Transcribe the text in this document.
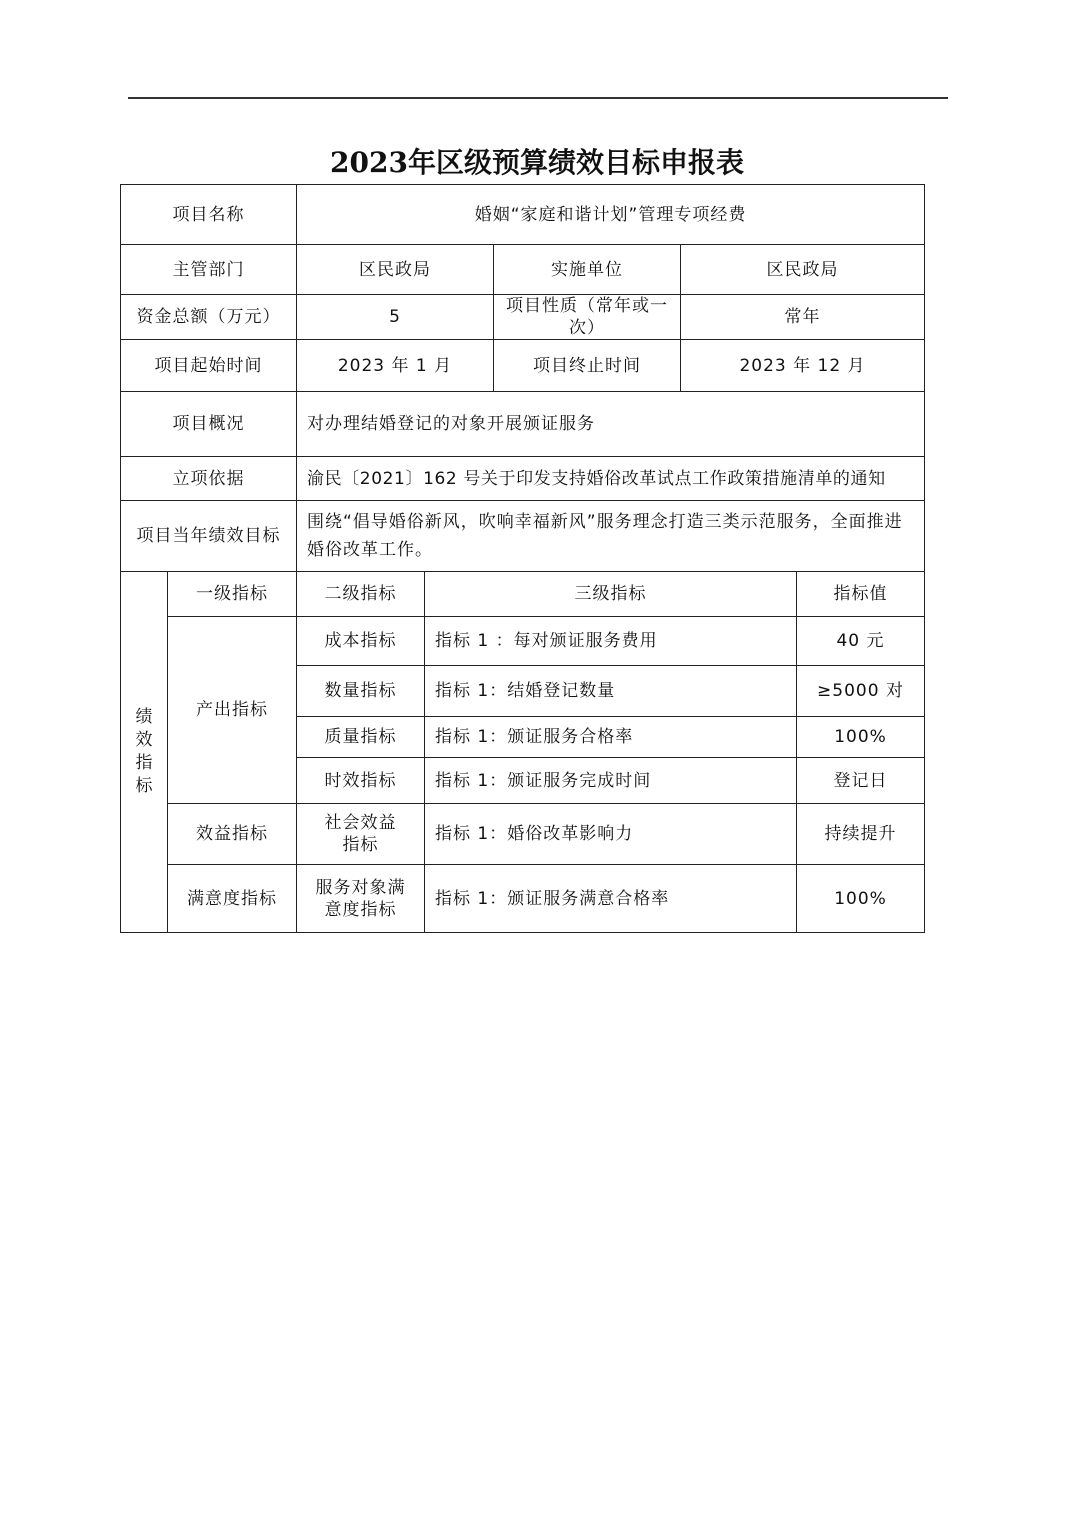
2023年区级预算绩效目标申报表
项目名称		婚姻“家庭和谐计划”管理专项经费				
主管部门		区民政局		实施单位	区民政局	
资金总额（万元）		5		项目性质（常年或一次）	常年	
项目起始时间		2023 年 1 月		项目终止时间	2023 年 12 月	
项目概况		对办理结婚登记的对象开展颁证服务				
立项依据		渝民〔2021〕162 号关于印发支持婚俗改革试点工作政策措施清单的通知				
项目当年绩效目标		围绕“倡导婚俗新风，吹响幸福新风”服务理念打造三类示范服务，全面推进婚俗改革工作。				
绩效指标	一级指标	二级指标	三级指标			指标值
	产出指标	成本指标	指标 1 ：每对颁证服务费用			40 元
		数量指标	指标 1：结婚登记数量			≥5000 对
		质量指标	指标 1：颁证服务合格率			100%
		时效指标	指标 1：颁证服务完成时间			登记日
	效益指标	社会效益指标	指标 1：婚俗改革影响力			持续提升
	满意度指标	服务对象满意度指标	指标 1：颁证服务满意合格率			100%
